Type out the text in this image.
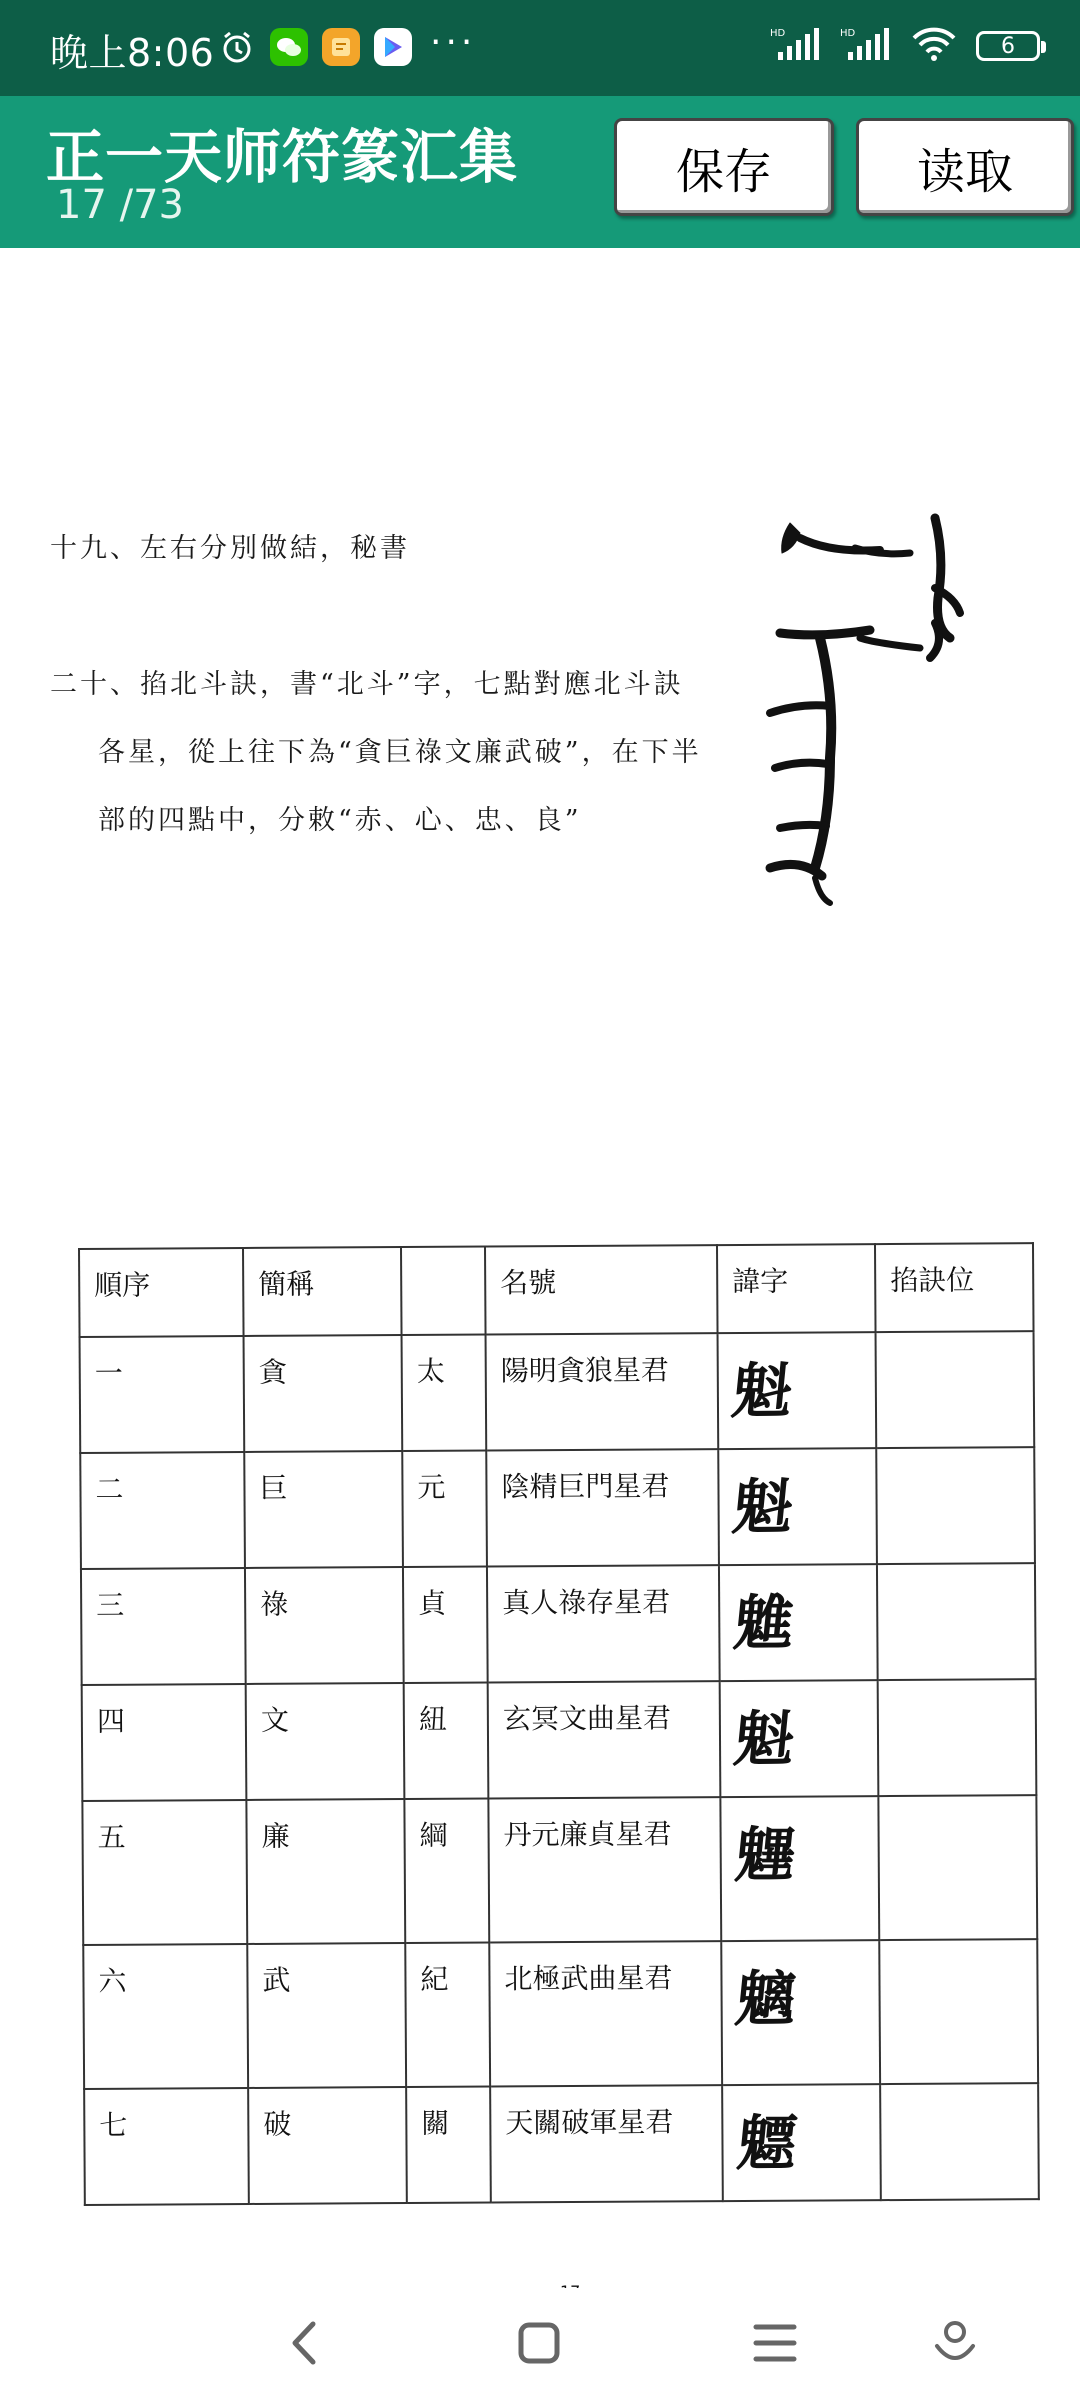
晚上8:06	···	HD	HD	6
正一天师符篆汇集
17 /73
保存	读取
十九、左右分別做結，秘書
二十、掐北斗訣，書“北斗”字，七點對應北斗訣
各星，從上往下為“貪巨祿文廉武破”，在下半
部的四點中，分敕“赤、心、忠、良”
順序	簡稱		名號	諱字	掐訣位
一	貪	太	陽明貪狼星君	魁	
二	巨	元	陰精巨門星君	魁	
三	祿	貞	真人祿存星君	魋	
四	文	紐	玄冥文曲星君	魁	
五	廉	綱	丹元廉貞星君	魓	
六	武	紀	北極武曲星君	魑	
七	破	關	天關破軍星君	魒	
